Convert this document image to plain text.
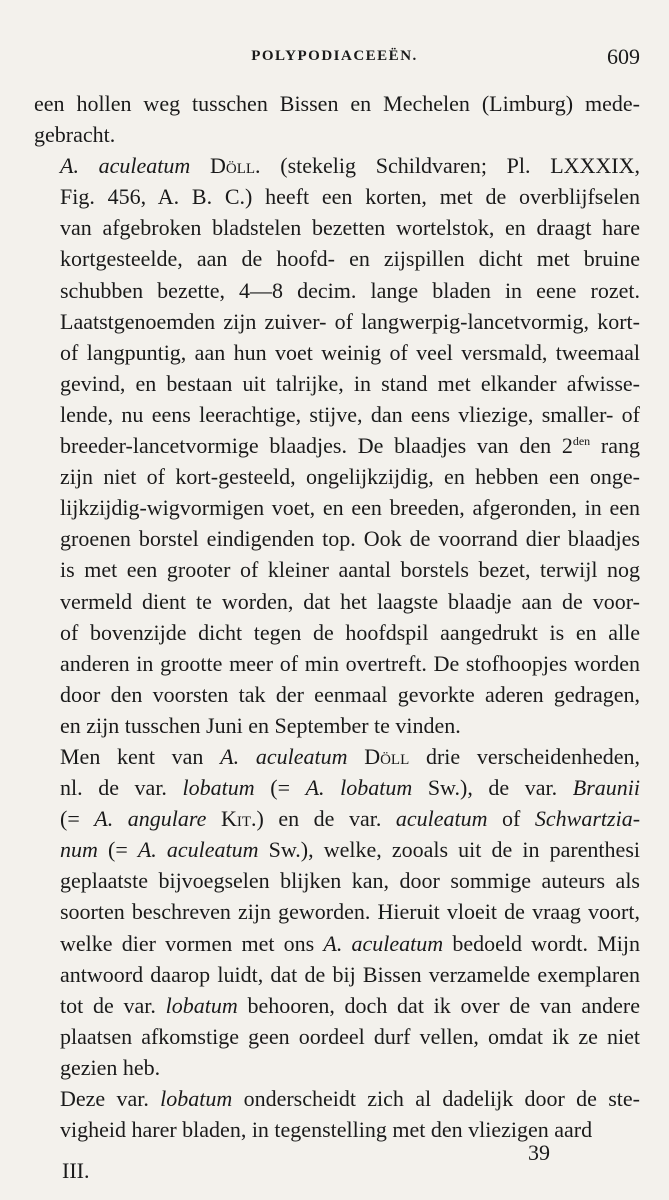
POLYPODIACEEËN.	609

een hollen weg tusschen Bissen en Mechelen (Limburg) mede-
gebracht.

A. aculeatum Döll. (stekelig Schildvaren; Pl. LXXXIX,
Fig. 456, A. B. C.) heeft een korten, met de overblijfselen
van afgebroken bladstelen bezetten wortelstok, en draagt hare
kortgesteelde, aan de hoofd- en zijspillen dicht met bruine
schubben bezette, 4—8 decim. lange bladen in eene rozet.
Laatstgenoemden zijn zuiver- of langwerpig-lancetvormig, kort-
of langpuntig, aan hun voet weinig of veel versmald, tweemaal
gevind, en bestaan uit talrijke, in stand met elkander afwisse-
lende, nu eens leerachtige, stijve, dan eens vliezige, smaller- of
breeder-lancetvormige blaadjes. De blaadjes van den $2^{den}$ rang
zijn niet of kort-gesteeld, ongelijkzijdig, en hebben een onge-
lijkzijdig-wigvormigen voet, en een breeden, afgeronden, in een
groenen borstel eindigenden top. Ook de voorrand dier blaadjes
is met een grooter of kleiner aantal borstels bezet, terwijl nog
vermeld dient te worden, dat het laagste blaadje aan de voor-
of bovenzijde dicht tegen de hoofdspil aangedrukt is en alle
anderen in grootte meer of min overtreft. De stofhoopjes worden
door den voorsten tak der eenmaal gevorkte aderen gedragen,
en zijn tusschen Juni en September te vinden.

Men kent van A. aculeatum Döll drie verscheidenheden,
nl. de var. lobatum (= A. lobatum Sw.), de var. Braunii
(= A. angulare Kit.) en de var. aculeatum of Schwartzia-
num (= A. aculeatum Sw.), welke, zooals uit de in parenthesi
geplaatste bijvoegselen blijken kan, door sommige auteurs als
soorten beschreven zijn geworden. Hieruit vloeit de vraag voort,
welke dier vormen met ons A. aculeatum bedoeld wordt. Mijn
antwoord daarop luidt, dat de bij Bissen verzamelde exemplaren
tot de var. lobatum behooren, doch dat ik over de van andere
plaatsen afkomstige geen oordeel durf vellen, omdat ik ze niet
gezien heb.

Deze var. lobatum onderscheidt zich al dadelijk door de ste-
vigheid harer bladen, in tegenstelling met den vliezigen aard

39
III.
